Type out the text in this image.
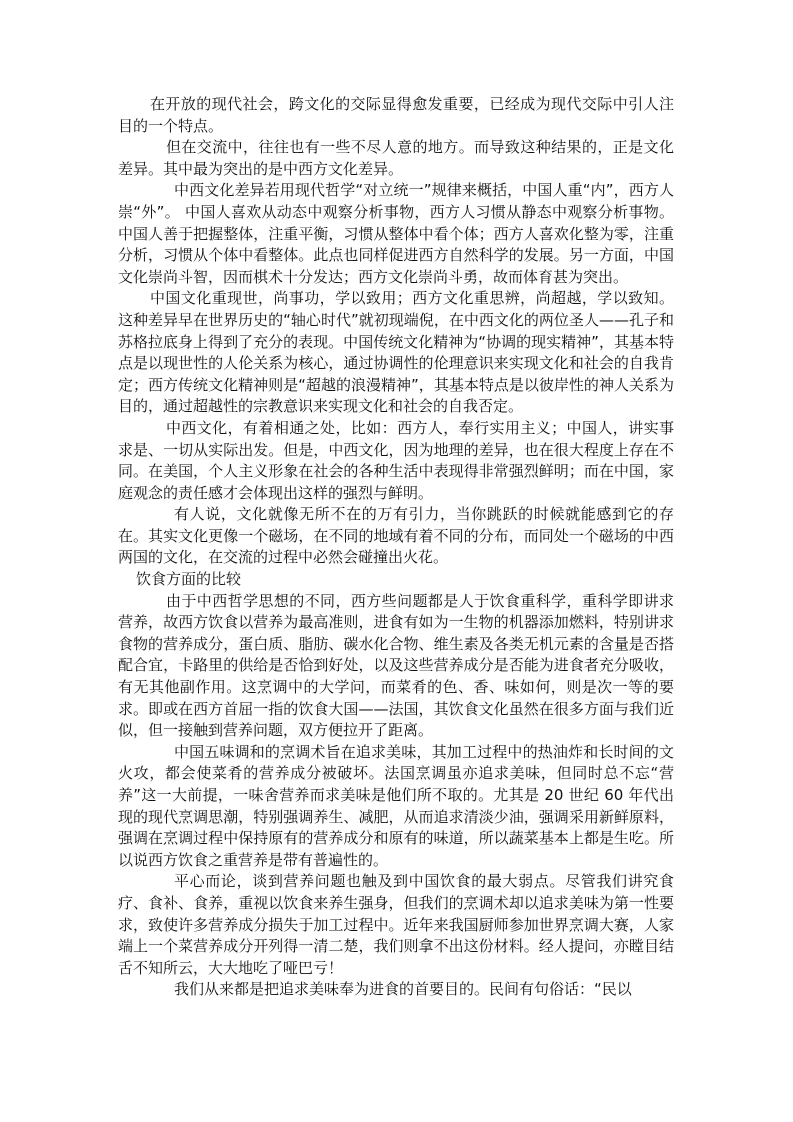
在开放的现代社会，跨文化的交际显得愈发重要，已经成为现代交际中引人注目的一个特点。

但在交流中，往往也有一些不尽人意的地方。而导致这种结果的，正是文化差异。其中最为突出的是中西方文化差异。

中西文化差异若用现代哲学“对立统一”规律来概括，中国人重“内”，西方人崇“外”。 中国人喜欢从动态中观察分析事物，西方人习惯从静态中观察分析事物。中国人善于把握整体，注重平衡，习惯从整体中看个体；西方人喜欢化整为零，注重分析，习惯从个体中看整体。此点也同样促进西方自然科学的发展。另一方面，中国文化崇尚斗智，因而棋术十分发达；西方文化崇尚斗勇，故而体育甚为突出。

中国文化重现世，尚事功，学以致用；西方文化重思辨，尚超越，学以致知。这种差异早在世界历史的“轴心时代”就初现端倪，在中西文化的两位圣人——孔子和苏格拉底身上得到了充分的表现。中国传统文化精神为“协调的现实精神”，其基本特点是以现世性的人伦关系为核心，通过协调性的伦理意识来实现文化和社会的自我肯定；西方传统文化精神则是“超越的浪漫精神”，其基本特点是以彼岸性的神人关系为目的，通过超越性的宗教意识来实现文化和社会的自我否定。

中西文化，有着相通之处，比如：西方人，奉行实用主义；中国人，讲实事求是、一切从实际出发。但是，中西文化，因为地理的差异，也在很大程度上存在不同。在美国，个人主义形象在社会的各种生活中表现得非常强烈鲜明；而在中国，家庭观念的责任感才会体现出这样的强烈与鲜明。

有人说，文化就像无所不在的万有引力，当你跳跃的时候就能感到它的存在。其实文化更像一个磁场，在不同的地域有着不同的分布，而同处一个磁场的中西两国的文化，在交流的过程中必然会碰撞出火花。

饮食方面的比较

由于中西哲学思想的不同，西方些问题都是人于饮食重科学，重科学即讲求营养，故西方饮食以营养为最高准则，进食有如为一生物的机器添加燃料，特别讲求食物的营养成分，蛋白质、脂肪、碳水化合物、维生素及各类无机元素的含量是否搭配合宜，卡路里的供给是否恰到好处，以及这些营养成分是否能为进食者充分吸收，有无其他副作用。这烹调中的大学问，而菜肴的色、香、味如何，则是次一等的要求。即或在西方首屈一指的饮食大国——法国，其饮食文化虽然在很多方面与我们近似，但一接触到营养问题，双方便拉开了距离。

中国五味调和的烹调术旨在追求美味，其加工过程中的热油炸和长时间的文火攻，都会使菜肴的营养成分被破坏。法国烹调虽亦追求美味，但同时总不忘“营养”这一大前提，一味舍营养而求美味是他们所不取的。尤其是 20 世纪 60 年代出现的现代烹调思潮，特别强调养生、减肥，从而追求清淡少油，强调采用新鲜原料，强调在烹调过程中保持原有的营养成分和原有的味道，所以蔬菜基本上都是生吃。所以说西方饮食之重营养是带有普遍性的。

平心而论，谈到营养问题也触及到中国饮食的最大弱点。尽管我们讲究食疗、食补、食养，重视以饮食来养生强身，但我们的烹调术却以追求美味为第一性要求，致使许多营养成分损失于加工过程中。近年来我国厨师参加世界烹调大赛，人家端上一个菜营养成分开列得一清二楚，我们则拿不出这份材料。经人提问，亦瞠目结舌不知所云，大大地吃了哑巴亏！

我们从来都是把追求美味奉为进食的首要目的。民间有句俗话：“民以
